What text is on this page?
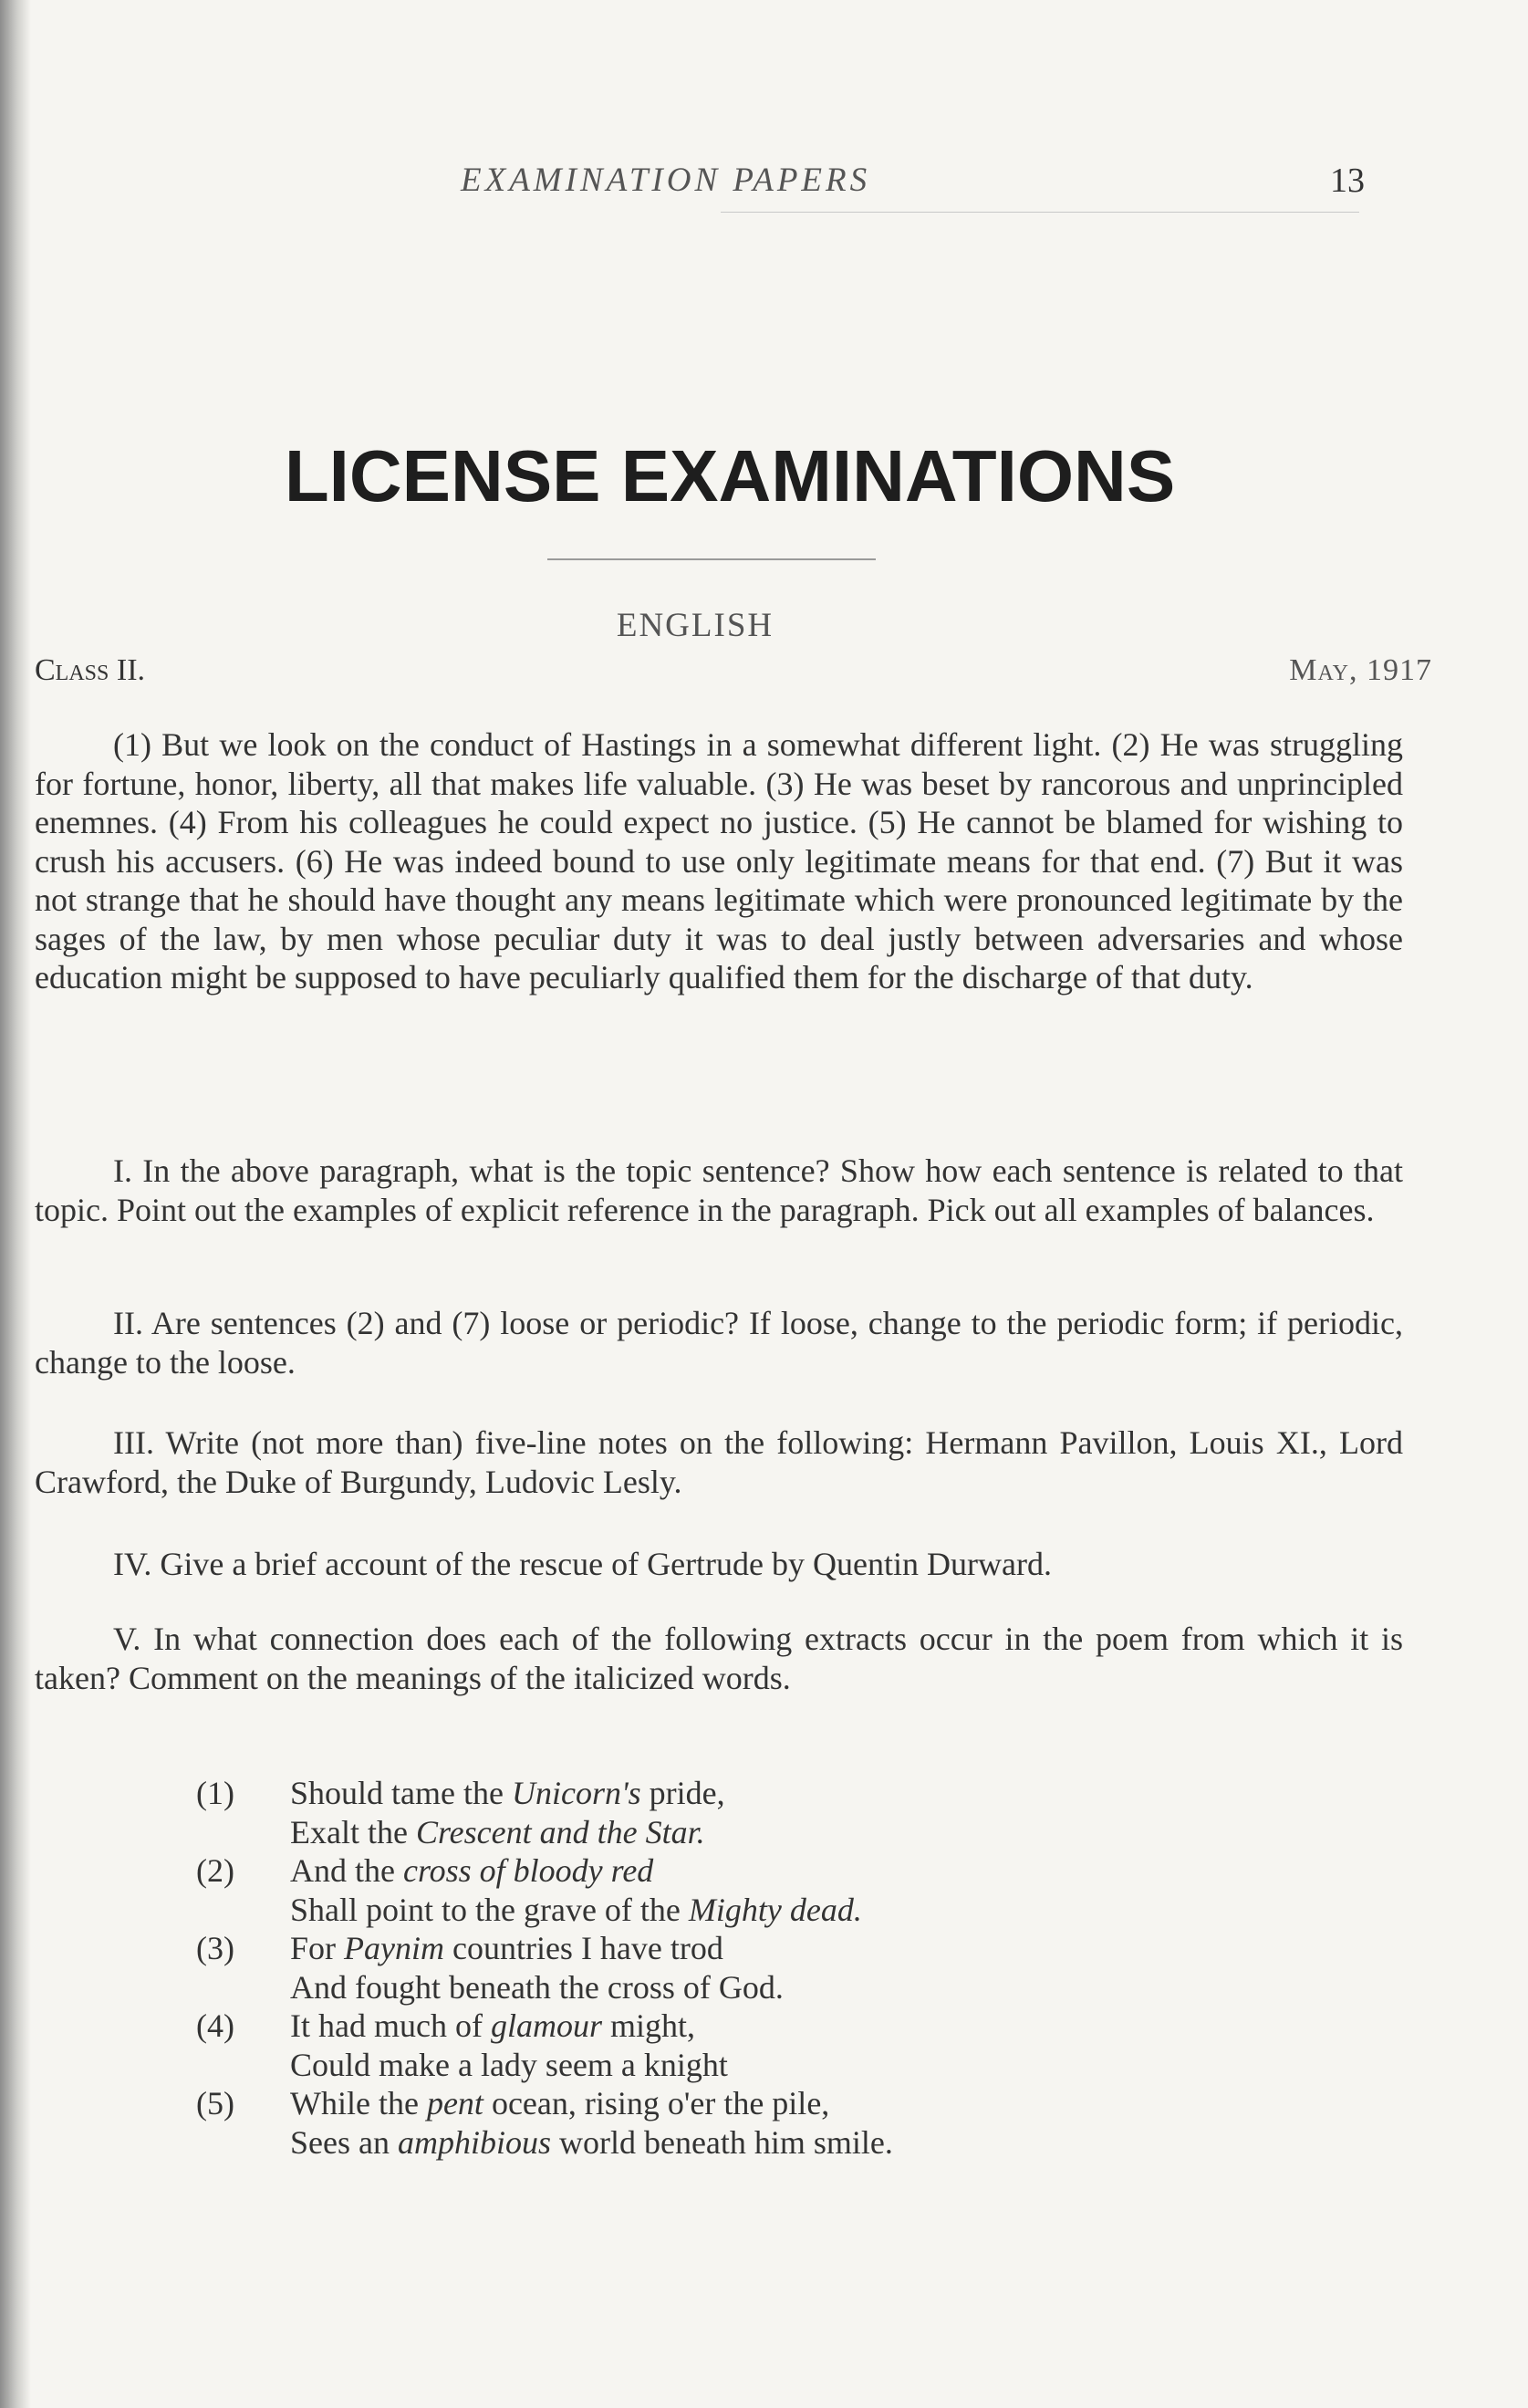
EXAMINATION PAPERS	13
LICENSE EXAMINATIONS
ENGLISH
Class II.	May, 1917

(1) But we look on the conduct of Hastings in a somewhat different light. (2) He was struggling for fortune, honor, liberty, all that makes life valuable. (3) He was beset by rancorous and unprincipled enemnes. (4) From his colleagues he could expect no justice. (5) He cannot be blamed for wishing to crush his accusers. (6) He was indeed bound to use only legitimate means for that end. (7) But it was not strange that he should have thought any means legitimate which were pronounced legitimate by the sages of the law, by men whose peculiar duty it was to deal justly between adversaries and whose education might be supposed to have peculiarly qualified them for the discharge of that duty.

I. In the above paragraph, what is the topic sentence? Show how each sentence is related to that topic. Point out the examples of explicit reference in the paragraph. Pick out all examples of balances.

II. Are sentences (2) and (7) loose or periodic? If loose, change to the periodic form; if periodic, change to the loose.

III. Write (not more than) five-line notes on the following: Hermann Pavillon, Louis XI., Lord Crawford, the Duke of Burgundy, Ludovic Lesly.

IV. Give a brief account of the rescue of Gertrude by Quentin Durward.

V. In what connection does each of the following extracts occur in the poem from which it is taken? Comment on the meanings of the italicized words.

(1)	Should tame the Unicorn's pride,
Exalt the Crescent and the Star.
(2)	And the cross of bloody red
Shall point to the grave of the Mighty dead.
(3)	For Paynim countries I have trod
And fought beneath the cross of God.
(4)	It had much of glamour might,
Could make a lady seem a knight
(5)	While the pent ocean, rising o'er the pile,
Sees an amphibious world beneath him smile.
